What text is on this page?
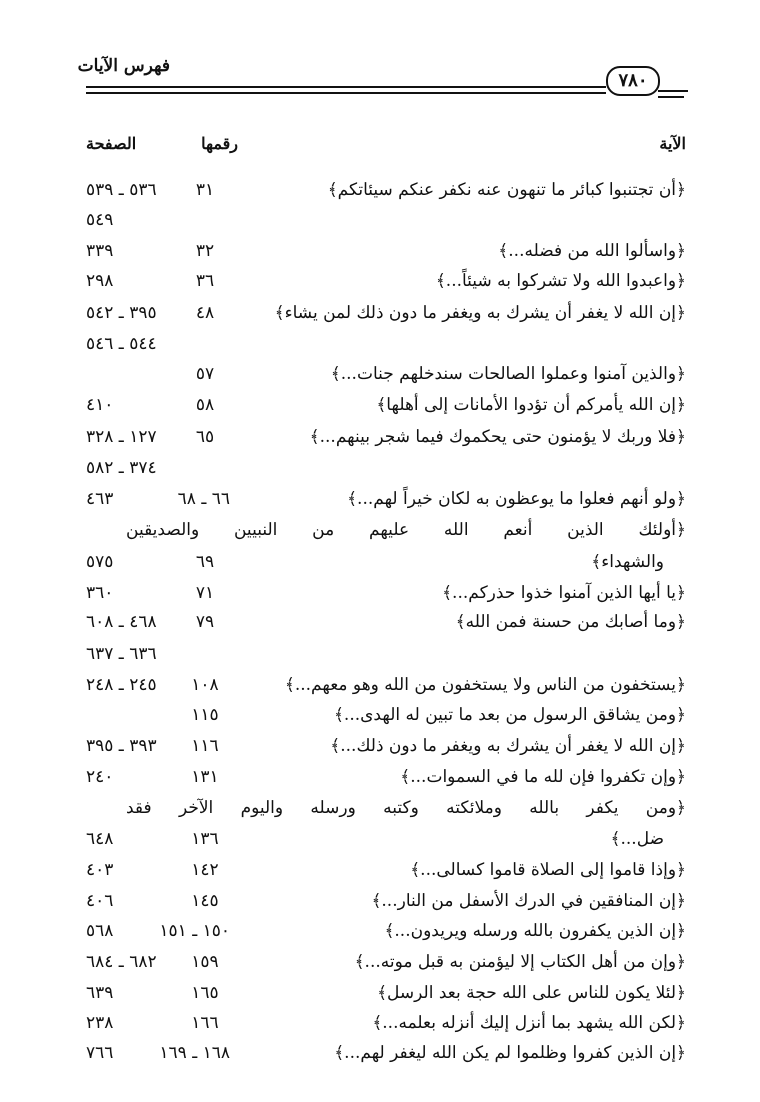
فهرس الآيات
٧٨٠
الآية
رقمها
الصفحة
﴿أن تجتنبوا كبائر ما تنهون عنه نكفر عنكم سيئاتكم﴾
٣١
٥٣٦ ـ ٥٣٩
٥٤٩
﴿واسألوا الله من فضله...﴾
٣٢
٣٣٩
﴿واعبدوا الله ولا تشركوا به شيئاً...﴾
٣٦
٢٩٨
﴿إن الله لا يغفر أن يشرك به ويغفر ما دون ذلك لمن يشاء﴾
٤٨
٣٩٥ ـ ٥٤٢
٥٤٤ ـ ٥٤٦
﴿والذين آمنوا وعملوا الصالحات سندخلهم جنات...﴾
٥٧
﴿إن الله يأمركم أن تؤدوا الأمانات إلى أهلها﴾
٥٨
٤١٠
﴿فلا وربك لا يؤمنون حتى يحكموك فيما شجر بينهم...﴾
٦٥
١٢٧ ـ ٣٢٨
٣٧٤ ـ ٥٨٢
﴿ولو أنهم فعلوا ما يوعظون به لكان خيراً لهم...﴾
٦٦ ـ ٦٨
٤٦٣
﴿أولئك الذين أنعم الله عليهم من النبيين والصديقين
والشهداء﴾
٦٩
٥٧٥
﴿يا أيها الذين آمنوا خذوا حذركم...﴾
٧١
٣٦٠
﴿وما أصابك من حسنة فمن الله﴾
٧٩
٤٦٨ ـ ٦٠٨
٦٣٦ ـ ٦٣٧
﴿يستخفون من الناس ولا يستخفون من الله وهو معهم...﴾
١٠٨
٢٤٥ ـ ٢٤٨
﴿ومن يشاقق الرسول من بعد ما تبين له الهدى...﴾
١١٥
﴿إن الله لا يغفر أن يشرك به ويغفر ما دون ذلك...﴾
١١٦
٣٩٣ ـ ٣٩٥
﴿وإن تكفروا فإن لله ما في السموات...﴾
١٣١
٢٤٠
﴿ومن يكفر بالله وملائكته وكتبه ورسله واليوم الآخر فقد
ضل...﴾
١٣٦
٦٤٨
﴿وإذا قاموا إلى الصلاة قاموا كسالى...﴾
١٤٢
٤٠٣
﴿إن المنافقين في الدرك الأسفل من النار...﴾
١٤٥
٤٠٦
﴿إن الذين يكفرون بالله ورسله ويريدون...﴾
١٥٠ ـ ١٥١
٥٦٨
﴿وإن من أهل الكتاب إلا ليؤمنن به قبل موته...﴾
١٥٩
٦٨٢ ـ ٦٨٤
﴿لئلا يكون للناس على الله حجة بعد الرسل﴾
١٦٥
٦٣٩
﴿لكن الله يشهد بما أنزل إليك أنزله بعلمه...﴾
١٦٦
٢٣٨
﴿إن الذين كفروا وظلموا لم يكن الله ليغفر لهم...﴾
١٦٨ ـ ١٦٩
٧٦٦
